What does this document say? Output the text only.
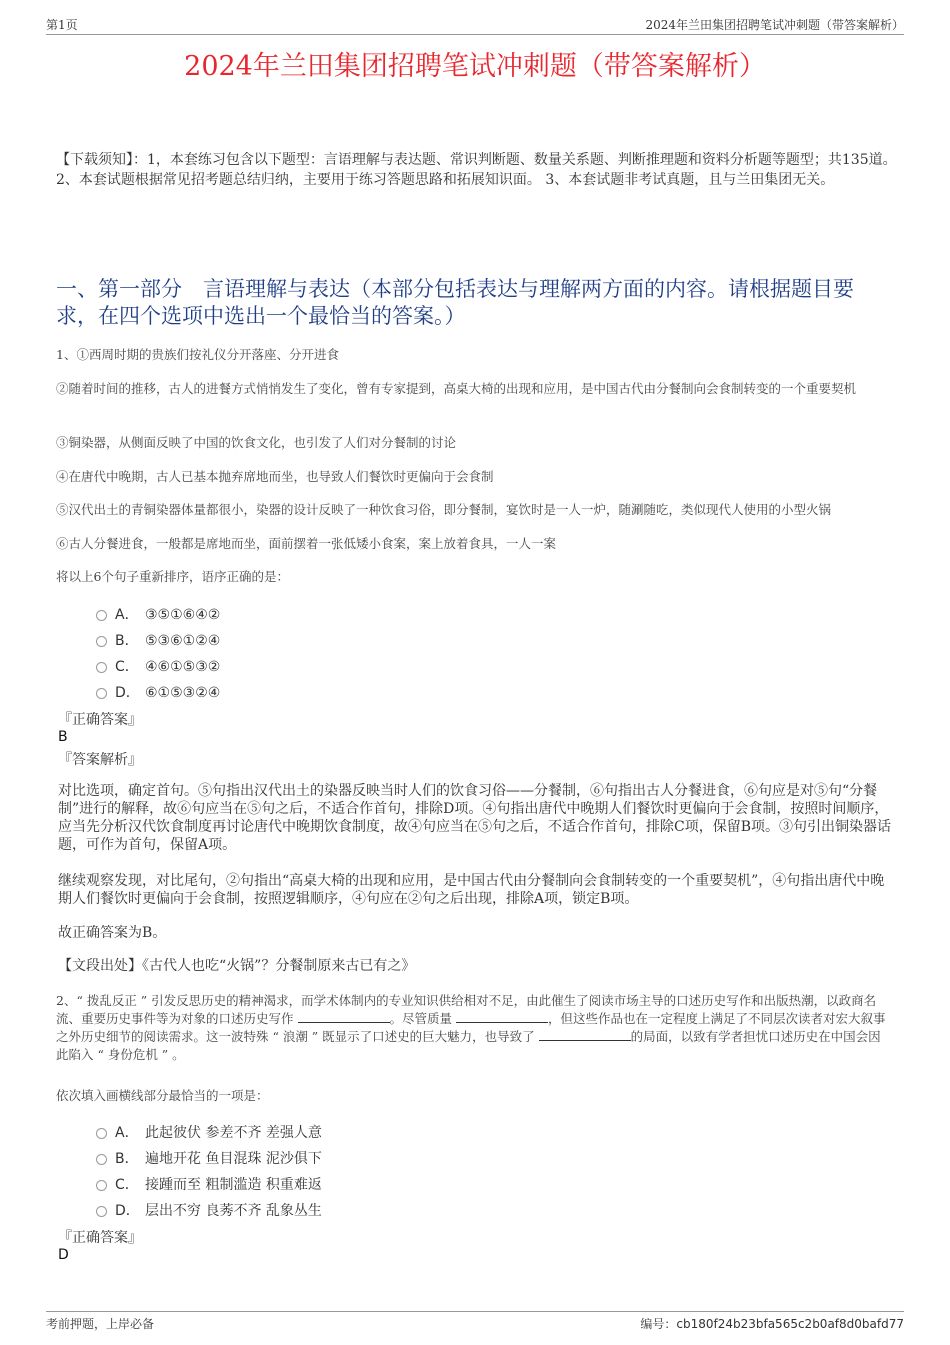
第1页	2024年兰田集团招聘笔试冲刺题（带答案解析）
2024年兰田集团招聘笔试冲刺题（带答案解析）
【下载须知】：1，本套练习包含以下题型：言语理解与表达题、常识判断题、数量关系题、判断推理题和资料分析题等题型；共135道。 2、本套试题根据常见招考题总结归纳，主要用于练习答题思路和拓展知识面。 3、本套试题非考试真题，且与兰田集团无关。
一、第一部分　言语理解与表达（本部分包括表达与理解两方面的内容。请根据题目要求，在四个选项中选出一个最恰当的答案。）
1、①西周时期的贵族们按礼仪分开落座、分开进食
②随着时间的推移，古人的进餐方式悄悄发生了变化，曾有专家提到，高桌大椅的出现和应用，是中国古代由分餐制向会食制转变的一个重要契机
③铜染器，从侧面反映了中国的饮食文化，也引发了人们对分餐制的讨论
④在唐代中晚期，古人已基本抛弃席地而坐，也导致人们餐饮时更偏向于会食制
⑤汉代出土的青铜染器体量都很小，染器的设计反映了一种饮食习俗，即分餐制，宴饮时是一人一炉，随涮随吃，类似现代人使用的小型火锅
⑥古人分餐进食，一般都是席地而坐，面前摆着一张低矮小食案，案上放着食具，一人一案
将以上6个句子重新排序，语序正确的是：
A． ③⑤①⑥④②
B． ⑤③⑥①②④
C． ④⑥①⑤③②
D． ⑥①⑤③②④
『正确答案』
B
『答案解析』
对比选项，确定首句。⑤句指出汉代出土的染器反映当时人们的饮食习俗——分餐制，⑥句指出古人分餐进食，⑥句应是对⑤句“分餐制”进行的解释，故⑥句应当在⑤句之后，不适合作首句，排除D项。④句指出唐代中晚期人们餐饮时更偏向于会食制，按照时间顺序，应当先分析汉代饮食制度再讨论唐代中晚期饮食制度，故④句应当在⑤句之后，不适合作首句，排除C项，保留B项。③句引出铜染器话题，可作为首句，保留A项。
继续观察发现，对比尾句，②句指出“高桌大椅的出现和应用，是中国古代由分餐制向会食制转变的一个重要契机”，④句指出唐代中晚期人们餐饮时更偏向于会食制，按照逻辑顺序，④句应在②句之后出现，排除A项，锁定B项。
故正确答案为B。
【文段出处】《古代人也吃“火锅”？分餐制原来古已有之》
2、“ 拨乱反正 ” 引发反思历史的精神渴求，而学术体制内的专业知识供给相对不足，由此催生了阅读市场主导的口述历史写作和出版热潮，以政商名流、重要历史事件等为对象的口述历史写作	。尽管质量	，但这些作品也在一定程度上满足了不同层次读者对宏大叙事之外历史细节的阅读需求。这一波特殊 “ 浪潮 ” 既显示了口述史的巨大魅力，也导致了	的局面，以致有学者担忧口述历史在中国会因此陷入 “ 身份危机 ” 。
依次填入画横线部分最恰当的一项是：
A． 此起彼伏 参差不齐 差强人意
B． 遍地开花 鱼目混珠 泥沙俱下
C． 接踵而至 粗制滥造 积重难返
D． 层出不穷 良莠不齐 乱象丛生
『正确答案』
D
考前押题，上岸必备	编号：cb180f24b23bfa565c2b0af8d0bafd77
